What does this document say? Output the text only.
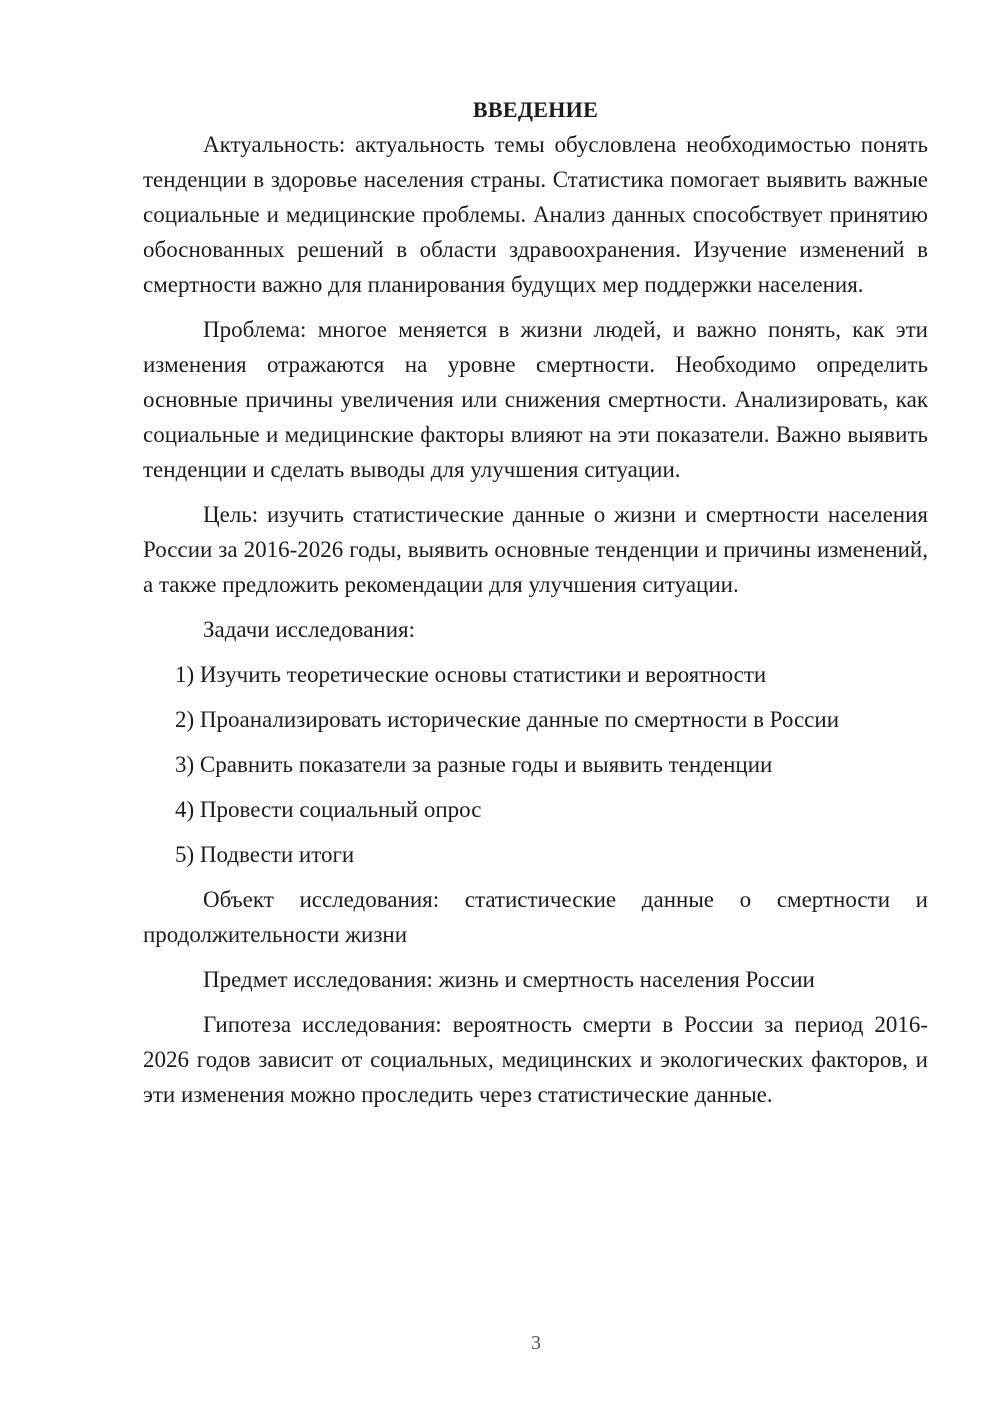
ВВЕДЕНИЕ

Актуальность: актуальность темы обусловлена необходимостью понять тенденции в здоровье населения страны. Статистика помогает выявить важные социальные и медицинские проблемы. Анализ данных способствует принятию обоснованных решений в области здравоохранения. Изучение изменений в смертности важно для планирования будущих мер поддержки населения.

Проблема: многое меняется в жизни людей, и важно понять, как эти изменения отражаются на уровне смертности. Необходимо определить основные причины увеличения или снижения смертности. Анализировать, как социальные и медицинские факторы влияют на эти показатели. Важно выявить тенденции и сделать выводы для улучшения ситуации.

Цель: изучить статистические данные о жизни и смертности населения России за 2016-2026 годы, выявить основные тенденции и причины изменений, а также предложить рекомендации для улучшения ситуации.

Задачи исследования:

1) Изучить теоретические основы статистики и вероятности

2) Проанализировать исторические данные по смертности в России

3) Сравнить показатели за разные годы и выявить тенденции

4) Провести социальный опрос

5) Подвести итоги

Объект исследования: статистические данные о смертности и продолжительности жизни

Предмет исследования: жизнь и смертность населения России

Гипотеза исследования: вероятность смерти в России за период 2016-2026 годов зависит от социальных, медицинских и экологических факторов, и эти изменения можно проследить через статистические данные.

3
